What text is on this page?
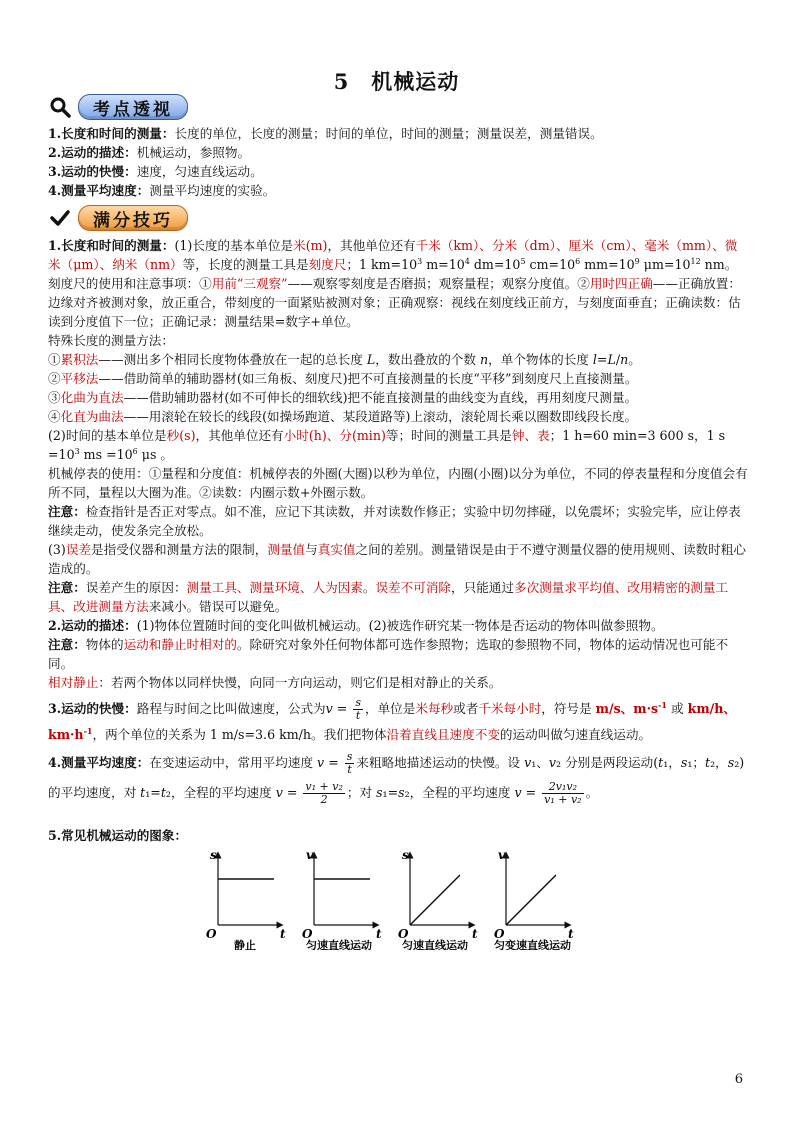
5　机械运动
考点透视

1.长度和时间的测量：长度的单位，长度的测量；时间的单位，时间的测量；测量误差，测量错误。

2.运动的描述：机械运动，参照物。

3.运动的快慢：速度，匀速直线运动。

4.测量平均速度：测量平均速度的实验。

满分技巧

1.长度和时间的测量：(1)长度的基本单位是米(m)，其他单位还有千米（km）、分米（dm）、厘米（cm）、毫米（mm）、微米（μm）、纳米（nm）等，长度的测量工具是刻度尺；1 $km=10^3$ $m=10^4$ $dm=10^5$ $cm=10^6$ $mm=10^9$ $\mu m=10^{12}$ nm。刻度尺的使用和注意事项：①用前“三观察”——观察零刻度是否磨损；观察量程；观察分度值。②用时四正确——正确放置：边缘对齐被测对象，放正重合，带刻度的一面紧贴被测对象；正确观察：视线在刻度线正前方，与刻度面垂直；正确读数：估读到分度值下一位；正确记录：测量结果=数字+单位。

特殊长度的测量方法：

①累积法——测出多个相同长度物体叠放在一起的总长度 L，数出叠放的个数 n，单个物体的长度 l=L/n。

②平移法——借助简单的辅助器材(如三角板、刻度尺)把不可直接测量的长度“平移”到刻度尺上直接测量。

③化曲为直法——借助辅助器材(如不可伸长的细软线)把不能直接测量的曲线变为直线，再用刻度尺测量。

④化直为曲法——用滚轮在较长的线段(如操场跑道、某段道路等)上滚动，滚轮周长乘以圈数即线段长度。

(2)时间的基本单位是秒(s)，其他单位还有小时(h)、分(min)等；时间的测量工具是钟、表；1 h=60 min=3 600 s，1 $s =10^3$ ms $=10^6$ μs 。

机械停表的使用：①量程和分度值：机械停表的外圈(大圈)以秒为单位，内圈(小圈)以分为单位，不同的停表量程和分度值会有所不同，量程以大圈为准。②读数：内圈示数+外圈示数。

注意：检查指针是否正对零点。如不准，应记下其读数，并对读数作修正；实验中切勿摔碰，以免震坏；实验完毕，应让停表继续走动，使发条完全放松。

(3)误差是指受仪器和测量方法的限制，测量值与真实值之间的差别。测量错误是由于不遵守测量仪器的使用规则、读数时粗心造成的。

注意：误差产生的原因：测量工具、测量环境、人为因素。误差不可消除，只能通过多次测量求平均值、改用精密的测量工具、改进测量方法来减小。错误可以避免。

2.运动的描述：(1)物体位置随时间的变化叫做机械运动。(2)被选作研究某一物体是否运动的物体叫做参照物。

注意：物体的运动和静止时相对的。除研究对象外任何物体都可选作参照物；选取的参照物不同，物体的运动情况也可能不同。

相对静止：若两个物体以同样快慢，向同一方向运动，则它们是相对静止的关系。

3.运动的快慢：路程与时间之比叫做速度，公式为$v = \frac{s}{t}$ ，单位是米每秒或者千米每小时，符号是 m/s、$m\cdot s^{-1}$ 或 km/h、$km\cdot h^{-1}$，两个单位的关系为 1 m/s=3.6 km/h。我们把物体沿着直线且速度不变的运动叫做匀速直线运动。

4.测量平均速度：在变速运动中，常用平均速度 $v = \frac{s}{t}$ 来粗略地描述运动的快慢。设 v₁、v₂ 分别是两段运动(t₁，s₁；t₂，s₂)的平均速度，对 t₁=t₂，全程的平均速度 $v = \frac{\text{v₁ + v₂}}{2}$ ；对 s₁=s₂，全程的平均速度 $v = \frac{\text{2v₁v₂}}{\text{v₁ + v₂}}$ 。

5.常见机械运动的图象：

s
t
O
静止
v
t
O
匀速直线运动
s
t
O
匀速直线运动
v
t
O
匀变速直线运动
6
